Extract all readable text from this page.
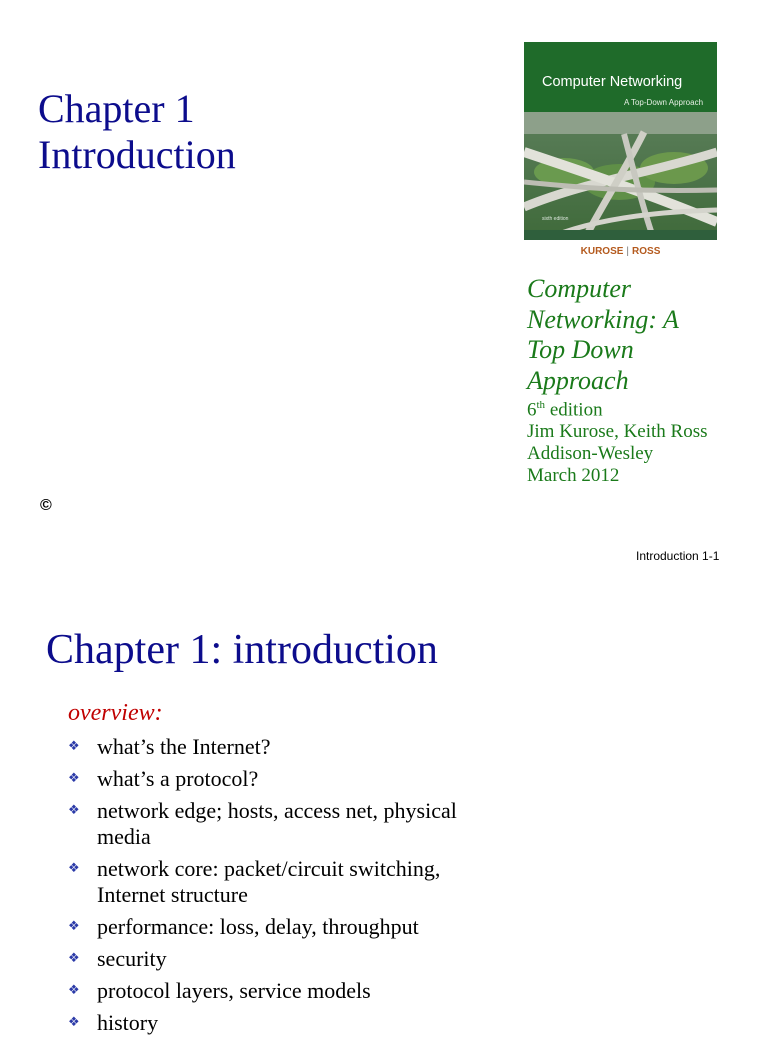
Chapter 1
Introduction
Computer Networking
A Top-Down Approach
sixth edition
KUROSE | ROSS
Computer
Networking: A
Top Down
Approach
6th edition
Jim Kurose, Keith Ross
Addison-Wesley
March 2012
©
Introduction 1-1
Chapter 1: introduction
overview:
❖ what’s the Internet?
❖ what’s a protocol?
❖ network edge; hosts, access net, physical media
❖ network core: packet/circuit switching, Internet structure
❖ performance: loss, delay, throughput
❖ security
❖ protocol layers, service models
❖ history
